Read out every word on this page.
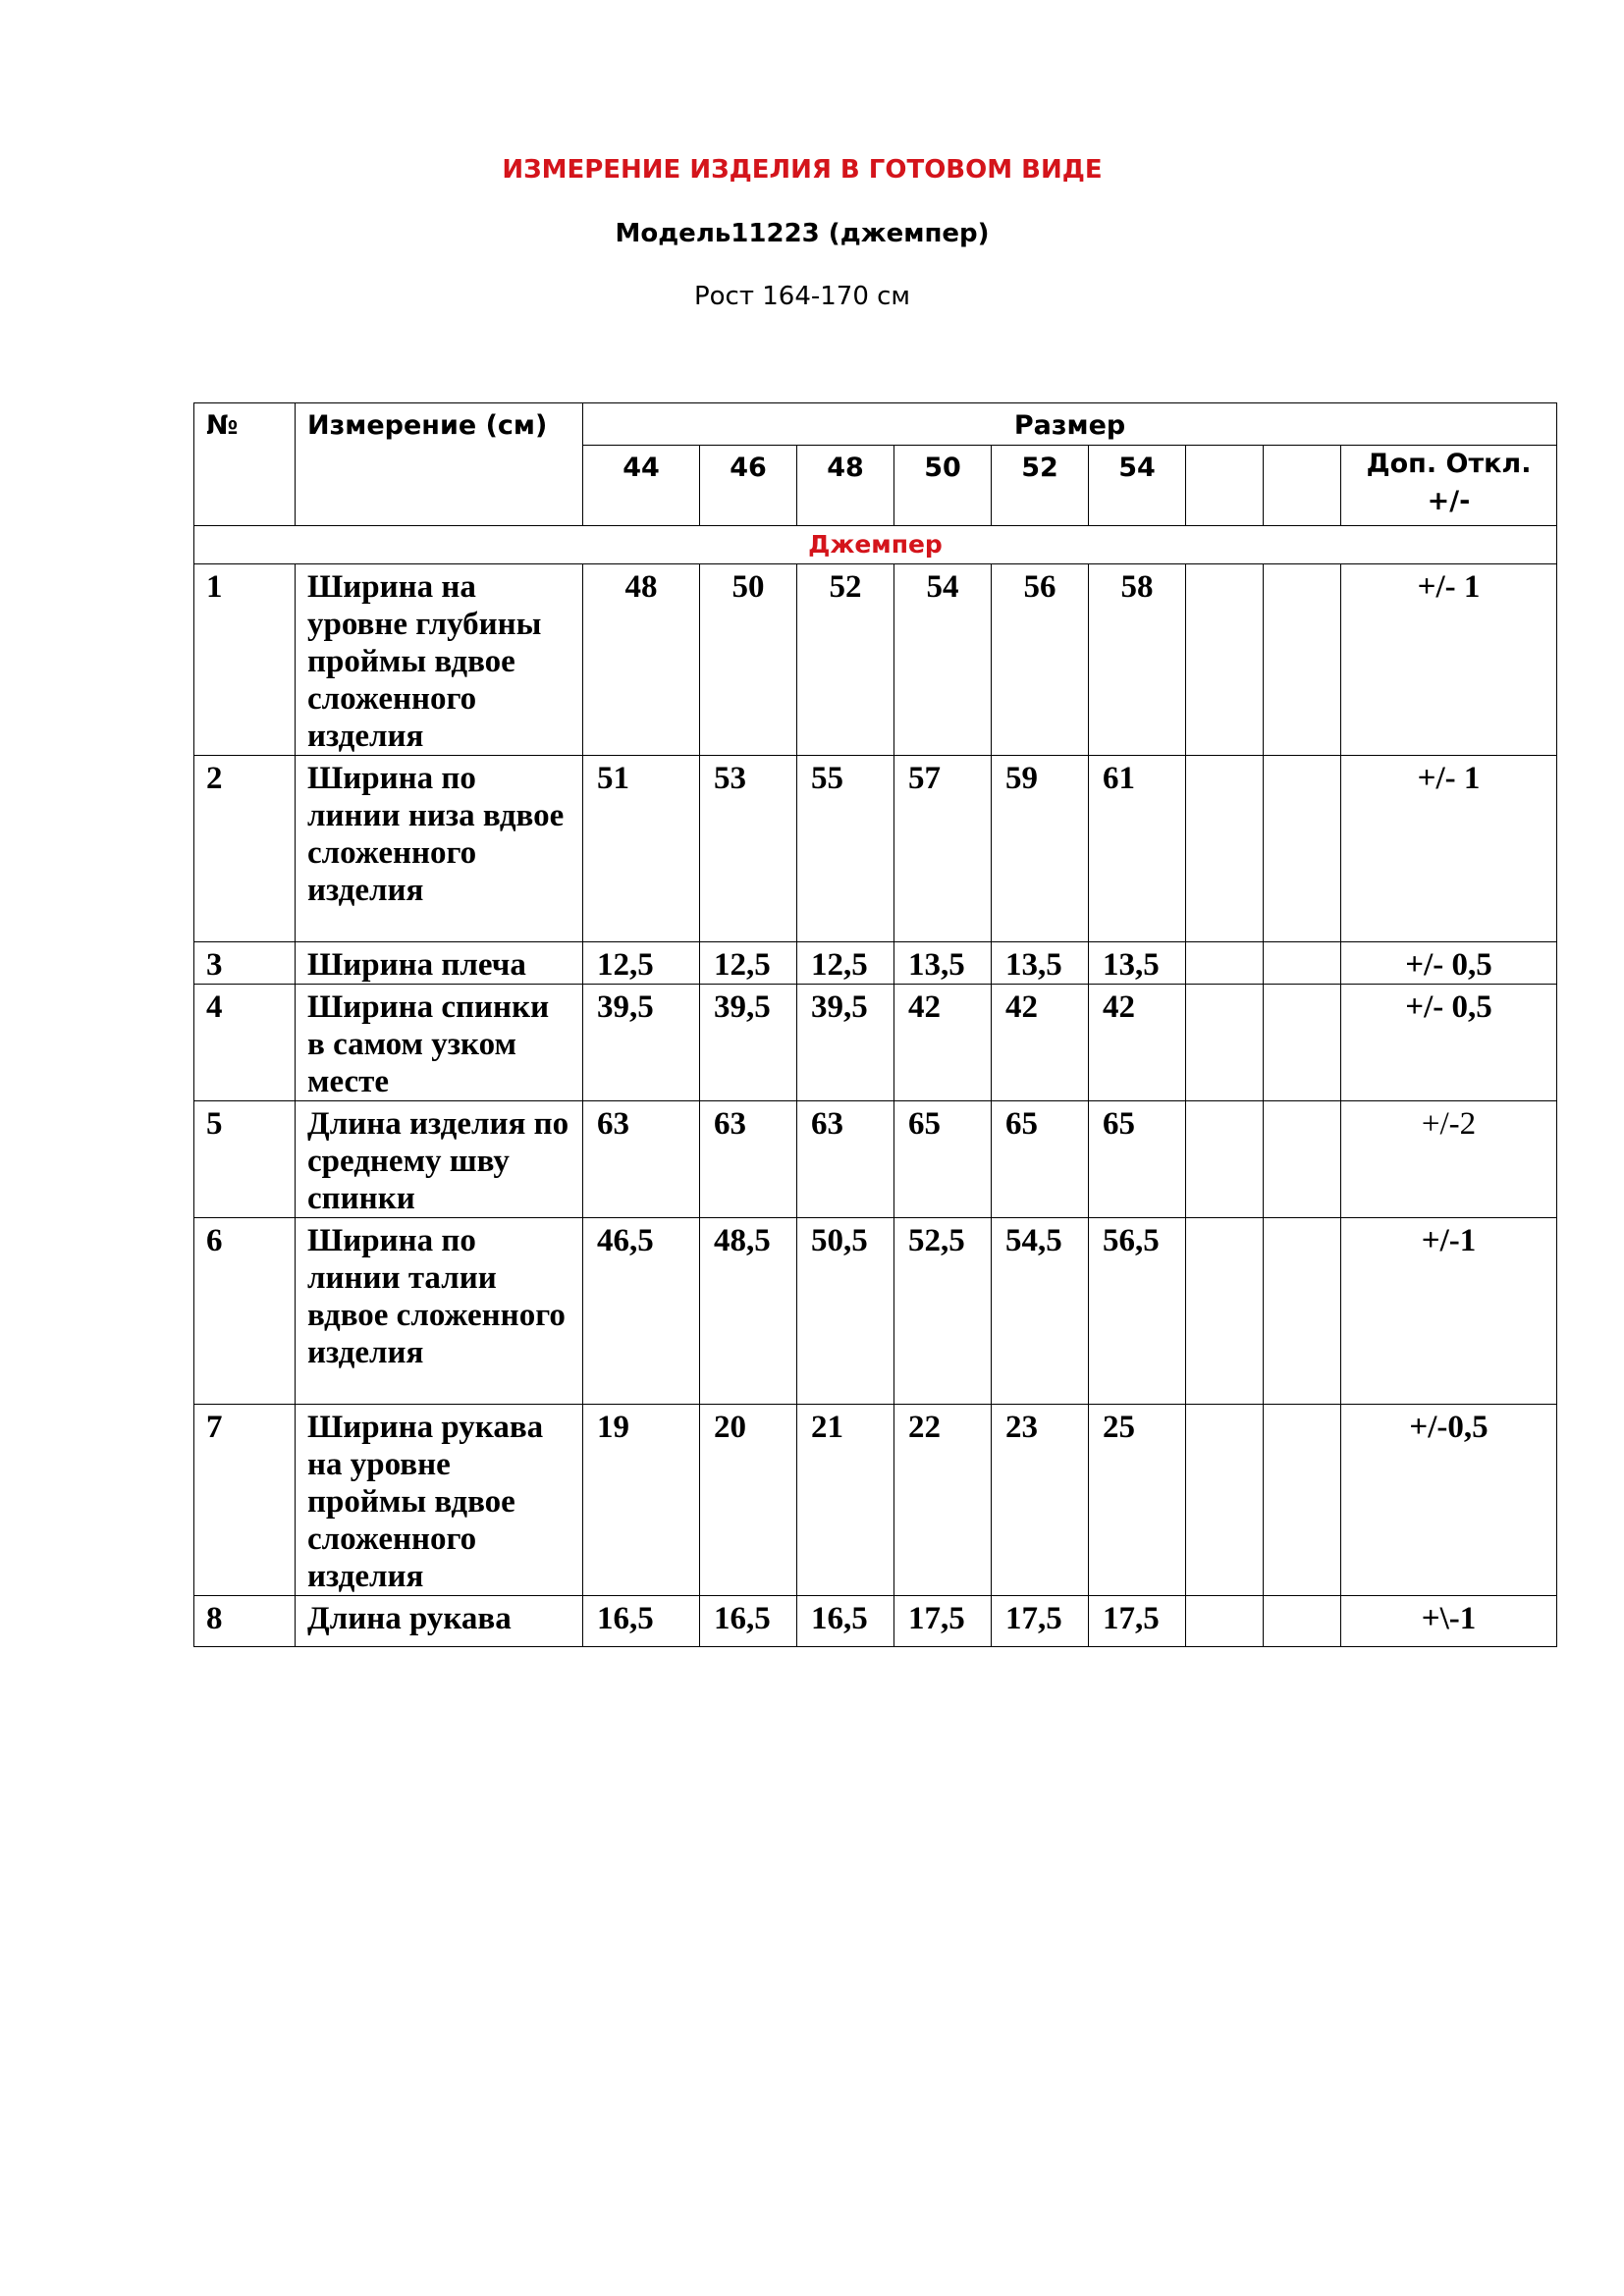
ИЗМЕРЕНИЕ ИЗДЕЛИЯ В ГОТОВОМ ВИДЕ
Модель11223 (джемпер)
Рост 164-170 см
№	Измерение (см)	Размер								
		44	46	48	50	52	54			Доп. Откл.
+/-

Джемпер										
1	Ширина на уровне глубины проймы вдвое сложенного изделия	48	50	52	54	56	58			+/- 1
2	Ширина по линии низа вдвое сложенного изделия	51	53	55	57	59	61			+/- 1
3	Ширина плеча	12,5	12,5	12,5	13,5	13,5	13,5			+/- 0,5
4	Ширина спинки в самом узком месте	39,5	39,5	39,5	42	42	42			+/- 0,5
5	Длина изделия по среднему шву спинки	63	63	63	65	65	65			+/-2
6	Ширина по линии талии вдвое сложенного изделия	46,5	48,5	50,5	52,5	54,5	56,5			+/-1
7	Ширина рукава на уровне проймы вдвое сложенного изделия	19	20	21	22	23	25			+/-0,5
8	Длина рукава	16,5	16,5	16,5	17,5	17,5	17,5			+\-1
